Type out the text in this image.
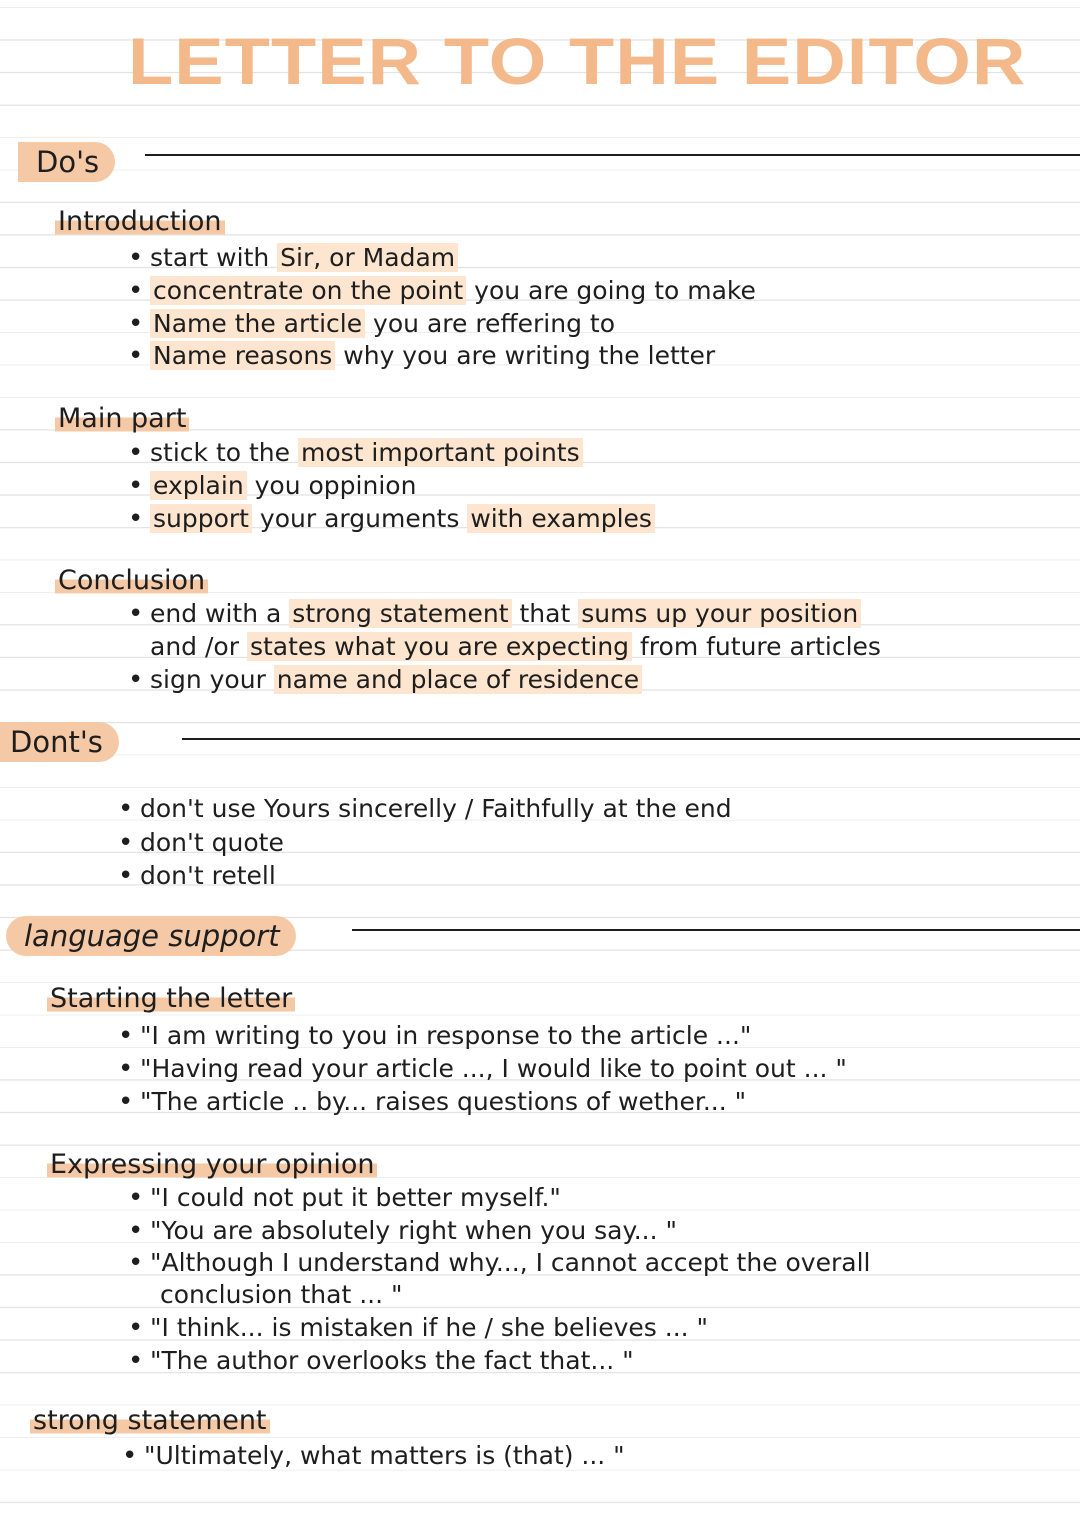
LETTER TO THE EDITOR
Do's
Introduction
• start with Sir, or Madam
• concentrate on the point you are going to make
• Name the article you are reffering to
• Name reasons why you are writing the letter
Main part
• stick to the most important points
• explain you oppinion
• support your arguments with examples
Conclusion
• end with a strong statement that sums up your position
and /or states what you are expecting from future articles
• sign your name and place of residence
Dont's
• don't use Yours sincerelly / Faithfully at the end
• don't quote
• don't retell
language support
Starting the letter
• "I am writing to you in response to the article ..."
• "Having read your article ..., I would like to point out ... "
• "The article .. by... raises questions of wether... "
Expressing your opinion
• "I could not put it better myself."
• "You are absolutely right when you say... "
• "Although I understand why..., I cannot accept the overall
conclusion that ... "
• "I think... is mistaken if he / she believes ... "
• "The author overlooks the fact that... "
strong statement
• "Ultimately, what matters is (that) ... "
